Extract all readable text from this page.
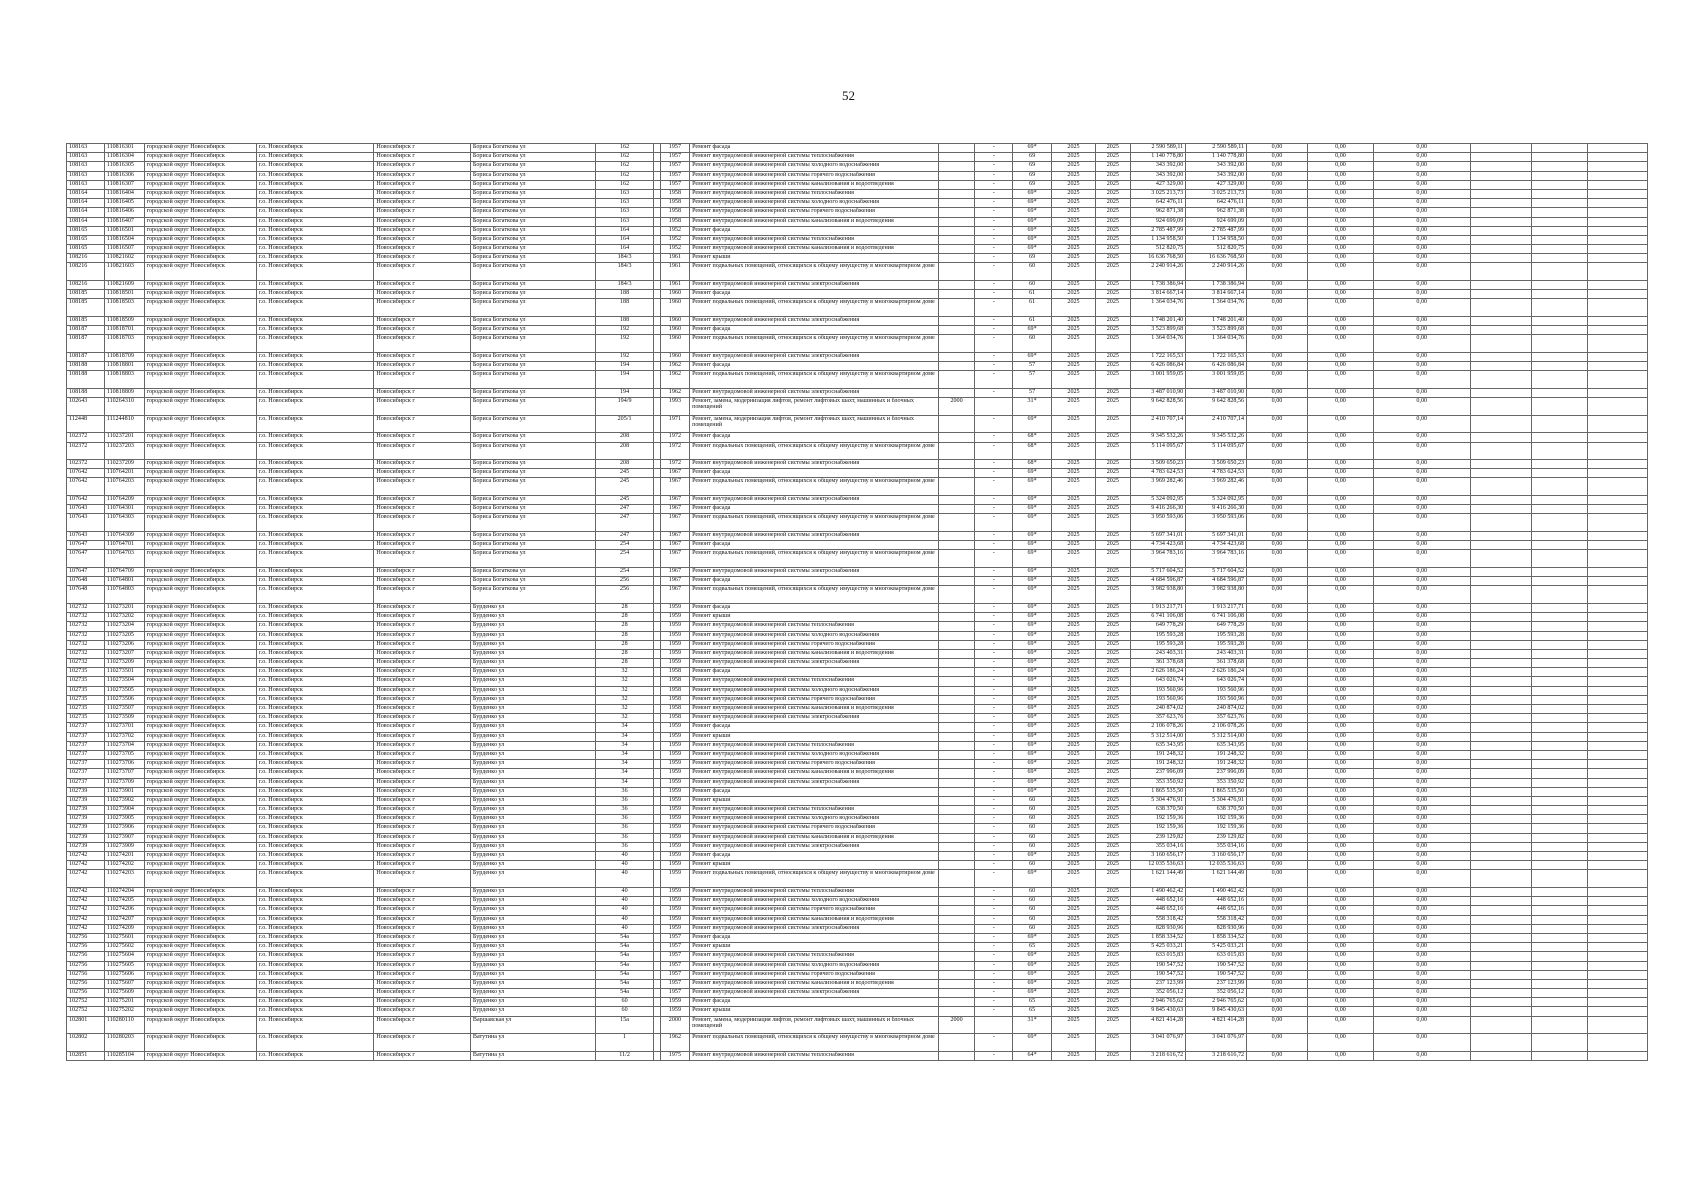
52
108163	110816301	городской округ Новосибирск	г.о. Новосибирск	Новосибирск г	Бориса Богаткова ул	162		1957	Ремонт фасада		-	69*	2025	2025	2 590 589,11	2 590 589,11	0,00	0,00	0,00			
108163	110816304	городской округ Новосибирск	г.о. Новосибирск	Новосибирск г	Бориса Богаткова ул	162		1957	Ремонт внутридомовой инженерной системы теплоснабжения		-	69	2025	2025	1 140 778,80	1 140 778,80	0,00	0,00	0,00			
108163	110816305	городской округ Новосибирск	г.о. Новосибирск	Новосибирск г	Бориса Богаткова ул	162		1957	Ремонт внутридомовой инженерной системы холодного водоснабжения		-	69	2025	2025	343 392,00	343 392,00	0,00	0,00	0,00			
108163	110816306	городской округ Новосибирск	г.о. Новосибирск	Новосибирск г	Бориса Богаткова ул	162		1957	Ремонт внутридомовой инженерной системы горячего водоснабжения		-	69	2025	2025	343 392,00	343 392,00	0,00	0,00	0,00			
108163	110816307	городской округ Новосибирск	г.о. Новосибирск	Новосибирск г	Бориса Богаткова ул	162		1957	Ремонт внутридомовой инженерной системы канализования и водоотведения		-	69	2025	2025	427 329,00	427 329,00	0,00	0,00	0,00			
108164	110816404	городской округ Новосибирск	г.о. Новосибирск	Новосибирск г	Бориса Богаткова ул	163		1958	Ремонт внутридомовой инженерной системы теплоснабжения		-	69*	2025	2025	3 025 213,73	3 025 213,73	0,00	0,00	0,00			
108164	110816405	городской округ Новосибирск	г.о. Новосибирск	Новосибирск г	Бориса Богаткова ул	163		1958	Ремонт внутридомовой инженерной системы холодного водоснабжения		-	69*	2025	2025	642 476,11	642 476,11	0,00	0,00	0,00			
108164	110816406	городской округ Новосибирск	г.о. Новосибирск	Новосибирск г	Бориса Богаткова ул	163		1958	Ремонт внутридомовой инженерной системы горячего водоснабжения		-	69*	2025	2025	962 871,38	962 871,38	0,00	0,00	0,00			
108164	110816407	городской округ Новосибирск	г.о. Новосибирск	Новосибирск г	Бориса Богаткова ул	163		1958	Ремонт внутридомовой инженерной системы канализования и водоотведения		-	69*	2025	2025	924 699,09	924 699,09	0,00	0,00	0,00			
108165	110816501	городской округ Новосибирск	г.о. Новосибирск	Новосибирск г	Бориса Богаткова ул	164		1952	Ремонт фасада		-	69*	2025	2025	2 785 487,99	2 785 487,99	0,00	0,00	0,00			
108165	110816504	городской округ Новосибирск	г.о. Новосибирск	Новосибирск г	Бориса Богаткова ул	164		1952	Ремонт внутридомовой инженерной системы теплоснабжения		-	69*	2025	2025	1 134 958,50	1 134 958,50	0,00	0,00	0,00			
108165	110816507	городской округ Новосибирск	г.о. Новосибирск	Новосибирск г	Бориса Богаткова ул	164		1952	Ремонт внутридомовой инженерной системы канализования и водоотведения		-	69*	2025	2025	512 820,75	512 820,75	0,00	0,00	0,00			
108216	110821602	городской округ Новосибирск	г.о. Новосибирск	Новосибирск г	Бориса Богаткова ул	184/3		1961	Ремонт крыши		-	69	2025	2025	16 636 768,50	16 636 768,50	0,00	0,00	0,00			
108216	110821603	городской округ Новосибирск	г.о. Новосибирск	Новосибирск г	Бориса Богаткова ул	184/3		1961	Ремонт подвальных помещений, относящихся к общему имуществу в многоквартирном доме		-	60	2025	2025	2 240 914,26	2 240 914,26	0,00	0,00	0,00			
108216	110821609	городской округ Новосибирск	г.о. Новосибирск	Новосибирск г	Бориса Богаткова ул	184/3		1961	Ремонт внутридомовой инженерной системы электроснабжения		-	60	2025	2025	1 738 386,94	1 738 386,94	0,00	0,00	0,00			
108185	110818501	городской округ Новосибирск	г.о. Новосибирск	Новосибирск г	Бориса Богаткова ул	188		1960	Ремонт фасада		-	61	2025	2025	3 814 667,14	3 814 667,14	0,00	0,00	0,00			
108185	110818503	городской округ Новосибирск	г.о. Новосибирск	Новосибирск г	Бориса Богаткова ул	188		1960	Ремонт подвальных помещений, относящихся к общему имуществу в многоквартирном доме		-	61	2025	2025	1 364 034,76	1 364 034,76	0,00	0,00	0,00			
108185	110818509	городской округ Новосибирск	г.о. Новосибирск	Новосибирск г	Бориса Богаткова ул	188		1960	Ремонт внутридомовой инженерной системы электроснабжения		-	61	2025	2025	1 748 201,40	1 748 201,40	0,00	0,00	0,00			
108187	110818701	городской округ Новосибирск	г.о. Новосибирск	Новосибирск г	Бориса Богаткова ул	192		1960	Ремонт фасада		-	69*	2025	2025	3 523 899,68	3 523 899,68	0,00	0,00	0,00			
108187	110818703	городской округ Новосибирск	г.о. Новосибирск	Новосибирск г	Бориса Богаткова ул	192		1960	Ремонт подвальных помещений, относящихся к общему имуществу в многоквартирном доме		-	60	2025	2025	1 364 034,76	1 364 034,76	0,00	0,00	0,00			
108187	110818709	городской округ Новосибирск	г.о. Новосибирск	Новосибирск г	Бориса Богаткова ул	192		1960	Ремонт внутридомовой инженерной системы электроснабжения		-	69*	2025	2025	1 722 165,53	1 722 165,53	0,00	0,00	0,00			
108188	110818801	городской округ Новосибирск	г.о. Новосибирск	Новосибирск г	Бориса Богаткова ул	194		1962	Ремонт фасада		-	57	2025	2025	6 426 086,84	6 426 086,84	0,00	0,00	0,00			
108188	110818803	городской округ Новосибирск	г.о. Новосибирск	Новосибирск г	Бориса Богаткова ул	194		1962	Ремонт подвальных помещений, относящихся к общему имуществу в многоквартирном доме		-	57	2025	2025	3 001 959,05	3 001 959,05	0,00	0,00	0,00			
108188	110818809	городской округ Новосибирск	г.о. Новосибирск	Новосибирск г	Бориса Богаткова ул	194		1962	Ремонт внутридомовой инженерной системы электроснабжения		-	57	2025	2025	3 487 010,90	3 487 010,90	0,00	0,00	0,00			
102643	110264310	городской округ Новосибирск	г.о. Новосибирск	Новосибирск г	Бориса Богаткова ул	194/9		1993	Ремонт, замена, модернизация лифтов, ремонт лифтовых шахт, машинных и блочных помещений	2000		31*	2025	2025	9 642 828,56	9 642 828,56	0,00	0,00	0,00			
112448	111244810	городской округ Новосибирск	г.о. Новосибирск	Новосибирск г	Бориса Богаткова ул	205/1		1971	Ремонт, замена, модернизация лифтов, ремонт лифтовых шахт, машинных и блочных помещений		-	69*	2025	2025	2 410 707,14	2 410 707,14	0,00	0,00	0,00			
102372	110237201	городской округ Новосибирск	г.о. Новосибирск	Новосибирск г	Бориса Богаткова ул	208		1972	Ремонт фасада		-	68*	2025	2025	9 345 532,26	9 345 532,26	0,00	0,00	0,00			
102372	110237203	городской округ Новосибирск	г.о. Новосибирск	Новосибирск г	Бориса Богаткова ул	208		1972	Ремонт подвальных помещений, относящихся к общему имуществу в многоквартирном доме		-	68*	2025	2025	5 114 095,67	5 114 095,67	0,00	0,00	0,00			
102372	110237209	городской округ Новосибирск	г.о. Новосибирск	Новосибирск г	Бориса Богаткова ул	208		1972	Ремонт внутридомовой инженерной системы электроснабжения		-	68*	2025	2025	3 509 650,23	3 509 650,23	0,00	0,00	0,00			
107642	110764201	городской округ Новосибирск	г.о. Новосибирск	Новосибирск г	Бориса Богаткова ул	245		1967	Ремонт фасада		-	69*	2025	2025	4 783 624,53	4 783 624,53	0,00	0,00	0,00			
107642	110764203	городской округ Новосибирск	г.о. Новосибирск	Новосибирск г	Бориса Богаткова ул	245		1967	Ремонт подвальных помещений, относящихся к общему имуществу в многоквартирном доме		-	69*	2025	2025	3 969 282,46	3 969 282,46	0,00	0,00	0,00			
107642	110764209	городской округ Новосибирск	г.о. Новосибирск	Новосибирск г	Бориса Богаткова ул	245		1967	Ремонт внутридомовой инженерной системы электроснабжения		-	69*	2025	2025	5 324 092,95	5 324 092,95	0,00	0,00	0,00			
107643	110764301	городской округ Новосибирск	г.о. Новосибирск	Новосибирск г	Бориса Богаткова ул	247		1967	Ремонт фасада		-	69*	2025	2025	9 416 266,30	9 416 266,30	0,00	0,00	0,00			
107643	110764303	городской округ Новосибирск	г.о. Новосибирск	Новосибирск г	Бориса Богаткова ул	247		1967	Ремонт подвальных помещений, относящихся к общему имуществу в многоквартирном доме		-	69*	2025	2025	3 950 593,06	3 950 593,06	0,00	0,00	0,00			
107643	110764309	городской округ Новосибирск	г.о. Новосибирск	Новосибирск г	Бориса Богаткова ул	247		1967	Ремонт внутридомовой инженерной системы электроснабжения		-	69*	2025	2025	5 697 341,01	5 697 341,01	0,00	0,00	0,00			
107647	110764701	городской округ Новосибирск	г.о. Новосибирск	Новосибирск г	Бориса Богаткова ул	254		1967	Ремонт фасада		-	69*	2025	2025	4 734 423,68	4 734 423,68	0,00	0,00	0,00			
107647	110764703	городской округ Новосибирск	г.о. Новосибирск	Новосибирск г	Бориса Богаткова ул	254		1967	Ремонт подвальных помещений, относящихся к общему имуществу в многоквартирном доме		-	69*	2025	2025	3 964 783,16	3 964 783,16	0,00	0,00	0,00			
107647	110764709	городской округ Новосибирск	г.о. Новосибирск	Новосибирск г	Бориса Богаткова ул	254		1967	Ремонт внутридомовой инженерной системы электроснабжения		-	69*	2025	2025	5 717 604,52	5 717 604,52	0,00	0,00	0,00			
107648	110764801	городской округ Новосибирск	г.о. Новосибирск	Новосибирск г	Бориса Богаткова ул	256		1967	Ремонт фасада		-	69*	2025	2025	4 684 596,87	4 684 596,87	0,00	0,00	0,00			
107648	110764803	городской округ Новосибирск	г.о. Новосибирск	Новосибирск г	Бориса Богаткова ул	256		1967	Ремонт подвальных помещений, относящихся к общему имуществу в многоквартирном доме		-	69*	2025	2025	3 982 938,80	3 982 938,80	0,00	0,00	0,00			
102732	110273201	городской округ Новосибирск	г.о. Новосибирск	Новосибирск г	Бурденко ул	28		1959	Ремонт фасада		-	69*	2025	2025	1 913 217,71	1 913 217,71	0,00	0,00	0,00			
102732	110273202	городской округ Новосибирск	г.о. Новосибирск	Новосибирск г	Бурденко ул	28		1959	Ремонт крыши		-	69*	2025	2025	6 741 106,08	6 741 106,08	0,00	0,00	0,00			
102732	110273204	городской округ Новосибирск	г.о. Новосибирск	Новосибирск г	Бурденко ул	28		1959	Ремонт внутридомовой инженерной системы теплоснабжения		-	69*	2025	2025	649 778,29	649 778,29	0,00	0,00	0,00			
102732	110273205	городской округ Новосибирск	г.о. Новосибирск	Новосибирск г	Бурденко ул	28		1959	Ремонт внутридомовой инженерной системы холодного водоснабжения		-	69*	2025	2025	195 593,28	195 593,28	0,00	0,00	0,00			
102732	110273206	городской округ Новосибирск	г.о. Новосибирск	Новосибирск г	Бурденко ул	28		1959	Ремонт внутридомовой инженерной системы горячего водоснабжения		-	69*	2025	2025	195 593,28	195 593,28	0,00	0,00	0,00			
102732	110273207	городской округ Новосибирск	г.о. Новосибирск	Новосибирск г	Бурденко ул	28		1959	Ремонт внутридомовой инженерной системы канализования и водоотведения		-	69*	2025	2025	243 403,31	243 403,31	0,00	0,00	0,00			
102732	110273209	городской округ Новосибирск	г.о. Новосибирск	Новосибирск г	Бурденко ул	28		1959	Ремонт внутридомовой инженерной системы электроснабжения		-	69*	2025	2025	361 378,68	361 378,68	0,00	0,00	0,00			
102735	110273501	городской округ Новосибирск	г.о. Новосибирск	Новосибирск г	Бурденко ул	32		1958	Ремонт фасада		-	69*	2025	2025	2 626 186,24	2 626 186,24	0,00	0,00	0,00			
102735	110273504	городской округ Новосибирск	г.о. Новосибирск	Новосибирск г	Бурденко ул	32		1958	Ремонт внутридомовой инженерной системы теплоснабжения		-	69*	2025	2025	643 026,74	643 026,74	0,00	0,00	0,00			
102735	110273505	городской округ Новосибирск	г.о. Новосибирск	Новосибирск г	Бурденко ул	32		1958	Ремонт внутридомовой инженерной системы холодного водоснабжения		-	69*	2025	2025	193 560,96	193 560,96	0,00	0,00	0,00			
102735	110273506	городской округ Новосибирск	г.о. Новосибирск	Новосибирск г	Бурденко ул	32		1958	Ремонт внутридомовой инженерной системы горячего водоснабжения		-	69*	2025	2025	193 560,96	193 560,96	0,00	0,00	0,00			
102735	110273507	городской округ Новосибирск	г.о. Новосибирск	Новосибирск г	Бурденко ул	32		1958	Ремонт внутридомовой инженерной системы канализования и водоотведения		-	69*	2025	2025	240 874,02	240 874,02	0,00	0,00	0,00			
102735	110273509	городской округ Новосибирск	г.о. Новосибирск	Новосибирск г	Бурденко ул	32		1958	Ремонт внутридомовой инженерной системы электроснабжения		-	69*	2025	2025	357 623,76	357 623,76	0,00	0,00	0,00			
102737	110273701	городской округ Новосибирск	г.о. Новосибирск	Новосибирск г	Бурденко ул	34		1959	Ремонт фасада		-	69*	2025	2025	2 106 078,26	2 106 078,26	0,00	0,00	0,00			
102737	110273702	городской округ Новосибирск	г.о. Новосибирск	Новосибирск г	Бурденко ул	34		1959	Ремонт крыши		-	69*	2025	2025	5 312 514,00	5 312 514,00	0,00	0,00	0,00			
102737	110273704	городской округ Новосибирск	г.о. Новосибирск	Новосибирск г	Бурденко ул	34		1959	Ремонт внутридомовой инженерной системы теплоснабжения		-	69*	2025	2025	635 343,95	635 343,95	0,00	0,00	0,00			
102737	110273705	городской округ Новосибирск	г.о. Новосибирск	Новосибирск г	Бурденко ул	34		1959	Ремонт внутридомовой инженерной системы холодного водоснабжения		-	69*	2025	2025	191 248,32	191 248,32	0,00	0,00	0,00			
102737	110273706	городской округ Новосибирск	г.о. Новосибирск	Новосибирск г	Бурденко ул	34		1959	Ремонт внутридомовой инженерной системы горячего водоснабжения		-	69*	2025	2025	191 248,32	191 248,32	0,00	0,00	0,00			
102737	110273707	городской округ Новосибирск	г.о. Новосибирск	Новосибирск г	Бурденко ул	34		1959	Ремонт внутридомовой инженерной системы канализования и водоотведения		-	69*	2025	2025	237 996,09	237 996,09	0,00	0,00	0,00			
102737	110273709	городской округ Новосибирск	г.о. Новосибирск	Новосибирск г	Бурденко ул	34		1959	Ремонт внутридомовой инженерной системы электроснабжения		-	69*	2025	2025	353 350,92	353 350,92	0,00	0,00	0,00			
102739	110273901	городской округ Новосибирск	г.о. Новосибирск	Новосибирск г	Бурденко ул	36		1959	Ремонт фасада		-	69*	2025	2025	1 865 535,50	1 865 535,50	0,00	0,00	0,00			
102739	110273902	городской округ Новосибирск	г.о. Новосибирск	Новосибирск г	Бурденко ул	36		1959	Ремонт крыши		-	60	2025	2025	5 304 476,91	5 304 476,91	0,00	0,00	0,00			
102739	110273904	городской округ Новосибирск	г.о. Новосибирск	Новосибирск г	Бурденко ул	36		1959	Ремонт внутридомовой инженерной системы теплоснабжения		-	60	2025	2025	638 370,50	638 370,50	0,00	0,00	0,00			
102739	110273905	городской округ Новосибирск	г.о. Новосибирск	Новосибирск г	Бурденко ул	36		1959	Ремонт внутридомовой инженерной системы холодного водоснабжения		-	60	2025	2025	192 159,36	192 159,36	0,00	0,00	0,00			
102739	110273906	городской округ Новосибирск	г.о. Новосибирск	Новосибирск г	Бурденко ул	36		1959	Ремонт внутридомовой инженерной системы горячего водоснабжения		-	60	2025	2025	192 159,36	192 159,36	0,00	0,00	0,00			
102739	110273907	городской округ Новосибирск	г.о. Новосибирск	Новосибирск г	Бурденко ул	36		1959	Ремонт внутридомовой инженерной системы канализования и водоотведения		-	60	2025	2025	239 129,82	239 129,82	0,00	0,00	0,00			
102739	110273909	городской округ Новосибирск	г.о. Новосибирск	Новосибирск г	Бурденко ул	36		1959	Ремонт внутридомовой инженерной системы электроснабжения		-	60	2025	2025	355 034,16	355 034,16	0,00	0,00	0,00			
102742	110274201	городской округ Новосибирск	г.о. Новосибирск	Новосибирск г	Бурденко ул	40		1959	Ремонт фасада		-	69*	2025	2025	3 160 656,17	3 160 656,17	0,00	0,00	0,00			
102742	110274202	городской округ Новосибирск	г.о. Новосибирск	Новосибирск г	Бурденко ул	40		1959	Ремонт крыши		-	60	2025	2025	12 035 536,63	12 035 536,63	0,00	0,00	0,00			
102742	110274203	городской округ Новосибирск	г.о. Новосибирск	Новосибирск г	Бурденко ул	40		1959	Ремонт подвальных помещений, относящихся к общему имуществу в многоквартирном доме		-	69*	2025	2025	1 621 144,49	1 621 144,49	0,00	0,00	0,00			
102742	110274204	городской округ Новосибирск	г.о. Новосибирск	Новосибирск г	Бурденко ул	40		1959	Ремонт внутридомовой инженерной системы теплоснабжения		-	60	2025	2025	1 490 462,42	1 490 462,42	0,00	0,00	0,00			
102742	110274205	городской округ Новосибирск	г.о. Новосибирск	Новосибирск г	Бурденко ул	40		1959	Ремонт внутридомовой инженерной системы холодного водоснабжения		-	60	2025	2025	448 652,16	448 652,16	0,00	0,00	0,00			
102742	110274206	городской округ Новосибирск	г.о. Новосибирск	Новосибирск г	Бурденко ул	40		1959	Ремонт внутридомовой инженерной системы горячего водоснабжения		-	60	2025	2025	448 652,16	448 652,16	0,00	0,00	0,00			
102742	110274207	городской округ Новосибирск	г.о. Новосибирск	Новосибирск г	Бурденко ул	40		1959	Ремонт внутридомовой инженерной системы канализования и водоотведения		-	60	2025	2025	558 318,42	558 318,42	0,00	0,00	0,00			
102742	110274209	городской округ Новосибирск	г.о. Новосибирск	Новосибирск г	Бурденко ул	40		1959	Ремонт внутридомовой инженерной системы электроснабжения		-	60	2025	2025	828 930,96	828 930,96	0,00	0,00	0,00			
102756	110275601	городской округ Новосибирск	г.о. Новосибирск	Новосибирск г	Бурденко ул	54а		1957	Ремонт фасада		-	69*	2025	2025	1 858 334,52	1 858 334,52	0,00	0,00	0,00			
102756	110275602	городской округ Новосибирск	г.о. Новосибирск	Новосибирск г	Бурденко ул	54а		1957	Ремонт крыши		-	65	2025	2025	5 425 033,21	5 425 033,21	0,00	0,00	0,00			
102756	110275604	городской округ Новосибирск	г.о. Новосибирск	Новосибирск г	Бурденко ул	54а		1957	Ремонт внутридомовой инженерной системы теплоснабжения		-	69*	2025	2025	633 015,83	633 015,83	0,00	0,00	0,00			
102756	110275605	городской округ Новосибирск	г.о. Новосибирск	Новосибирск г	Бурденко ул	54а		1957	Ремонт внутридомовой инженерной системы холодного водоснабжения		-	69*	2025	2025	190 547,52	190 547,52	0,00	0,00	0,00			
102756	110275606	городской округ Новосибирск	г.о. Новосибирск	Новосибирск г	Бурденко ул	54а		1957	Ремонт внутридомовой инженерной системы горячего водоснабжения		-	69*	2025	2025	190 547,52	190 547,52	0,00	0,00	0,00			
102756	110275607	городской округ Новосибирск	г.о. Новосибирск	Новосибирск г	Бурденко ул	54а		1957	Ремонт внутридомовой инженерной системы канализования и водоотведения		-	69*	2025	2025	237 123,99	237 123,99	0,00	0,00	0,00			
102756	110275609	городской округ Новосибирск	г.о. Новосибирск	Новосибирск г	Бурденко ул	54а		1957	Ремонт внутридомовой инженерной системы электроснабжения		-	69*	2025	2025	352 056,12	352 056,12	0,00	0,00	0,00			
102752	110275201	городской округ Новосибирск	г.о. Новосибирск	Новосибирск г	Бурденко ул	60		1959	Ремонт фасада		-	65	2025	2025	2 946 765,62	2 946 765,62	0,00	0,00	0,00			
102752	110275202	городской округ Новосибирск	г.о. Новосибирск	Новосибирск г	Бурденко ул	60		1959	Ремонт крыши		-	65	2025	2025	9 845 430,63	9 845 430,63	0,00	0,00	0,00			
102801	110280110	городской округ Новосибирск	г.о. Новосибирск	Новосибирск г	Варшавская ул	15а		2000	Ремонт, замена, модернизация лифтов, ремонт лифтовых шахт, машинных и блочных помещений	2000		31*	2025	2025	4 821 414,28	4 821 414,28	0,00	0,00	0,00			
102802	110280203	городской округ Новосибирск	г.о. Новосибирск	Новосибирск г	Ватутина ул	1		1962	Ремонт подвальных помещений, относящихся к общему имуществу в многоквартирном доме		-	69*	2025	2025	3 041 076,97	3 041 076,97	0,00	0,00	0,00			
102851	110285104	городской округ Новосибирск	г.о. Новосибирск	Новосибирск г	Ватутина ул	11/2		1975	Ремонт внутридомовой инженерной системы теплоснабжения		-	64*	2025	2025	3 218 616,72	3 218 616,72	0,00	0,00	0,00			
